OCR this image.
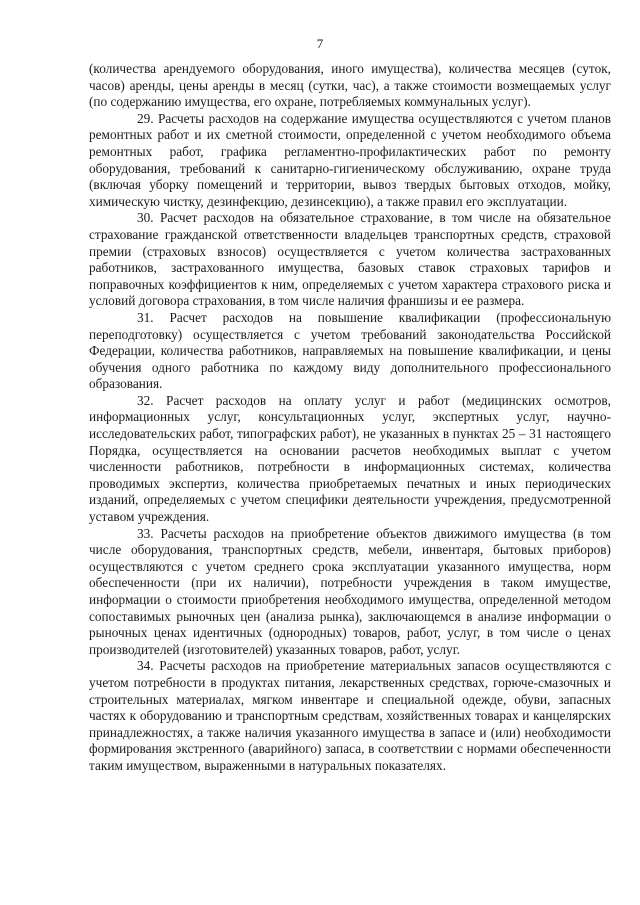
7

(количества арендуемого оборудования, иного имущества), количества месяцев (суток, часов) аренды, цены аренды в месяц (сутки, час), а также стоимости возмещаемых услуг (по содержанию имущества, его охране, потребляемых коммунальных услуг).

29. Расчеты расходов на содержание имущества осуществляются с учетом планов ремонтных работ и их сметной стоимости, определенной с учетом необходимого объема ремонтных работ, графика регламентно-профилактических работ по ремонту оборудования, требований к санитарно-гигиеническому обслуживанию, охране труда (включая уборку помещений и территории, вывоз твердых бытовых отходов, мойку, химическую чистку, дезинфекцию, дезинсекцию), а также правил его эксплуатации.

30. Расчет расходов на обязательное страхование, в том числе на обязательное страхование гражданской ответственности владельцев транспортных средств, страховой премии (страховых взносов) осуществляется с учетом количества застрахованных работников, застрахованного имущества, базовых ставок страховых тарифов и поправочных коэффициентов к ним, определяемых с учетом характера страхового риска и условий договора страхования, в том числе наличия франшизы и ее размера.

31. Расчет расходов на повышение квалификации (профессиональную переподготовку) осуществляется с учетом требований законодательства Российской Федерации, количества работников, направляемых на повышение квалификации, и цены обучения одного работника по каждому виду дополнительного профессионального образования.

32. Расчет расходов на оплату услуг и работ (медицинских осмотров, информационных услуг, консультационных услуг, экспертных услуг, научно-исследовательских работ, типографских работ), не указанных в пунктах 25 – 31 настоящего Порядка, осуществляется на основании расчетов необходимых выплат с учетом численности работников, потребности в информационных системах, количества проводимых экспертиз, количества приобретаемых печатных и иных периодических изданий, определяемых с учетом специфики деятельности учреждения, предусмотренной уставом учреждения.

33. Расчеты расходов на приобретение объектов движимого имущества (в том числе оборудования, транспортных средств, мебели, инвентаря, бытовых приборов) осуществляются с учетом среднего срока эксплуатации указанного имущества, норм обеспеченности (при их наличии), потребности учреждения в таком имуществе, информации о стоимости приобретения необходимого имущества, определенной методом сопоставимых рыночных цен (анализа рынка), заключающемся в анализе информации о рыночных ценах идентичных (однородных) товаров, работ, услуг, в том числе о ценах производителей (изготовителей) указанных товаров, работ, услуг.

34. Расчеты расходов на приобретение материальных запасов осуществляются с учетом потребности в продуктах питания, лекарственных средствах, горюче-смазочных и строительных материалах, мягком инвентаре и специальной одежде, обуви, запасных частях к оборудованию и транспортным средствам, хозяйственных товарах и канцелярских принадлежностях, а также наличия указанного имущества в запасе и (или) необходимости формирования экстренного (аварийного) запаса, в соответствии с нормами обеспеченности таким имуществом, выраженными в натуральных показателях.
